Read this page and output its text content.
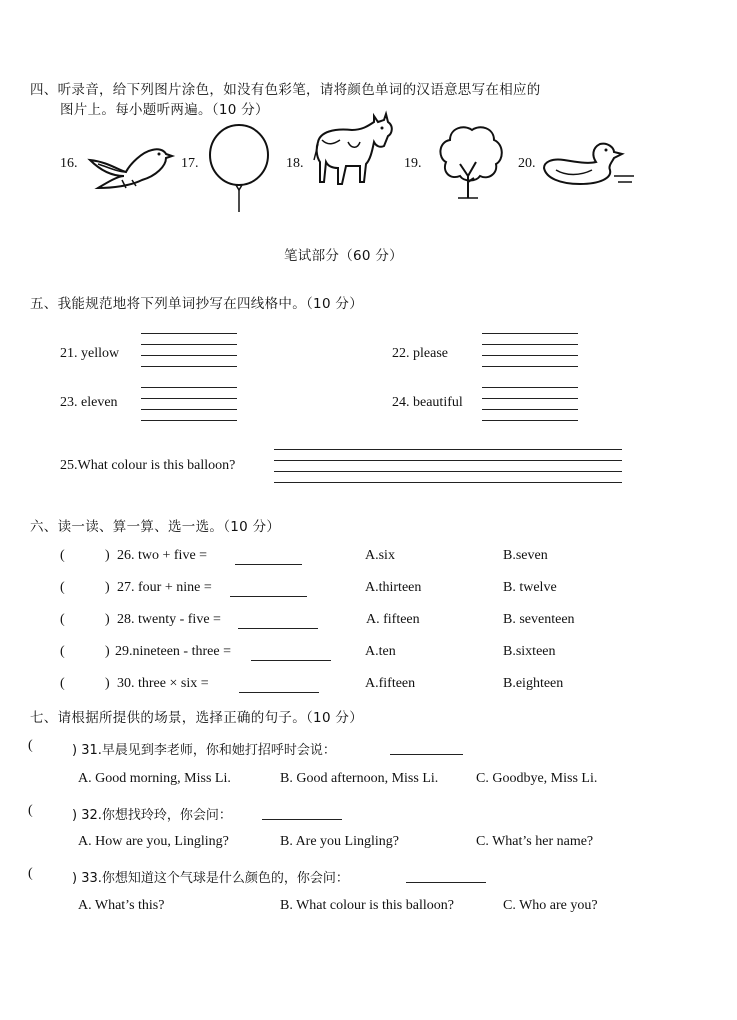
四、听录音，给下列图片涂色，如没有色彩笔，请将颜色单词的汉语意思写在相应的
图片上。每小题听两遍。（10 分）
16.	17.	18.	19.	20.
笔试部分（60 分）
五、我能规范地将下列单词抄写在四线格中。（10 分）
21. yellow	22. please
23. eleven	24. beautiful
25.What colour is this balloon?
六、读一读、算一算、选一选。（10 分）
(	) 26. two + five =	A.six	B.seven
(	) 27. four + nine =	A.thirteen	B. twelve
(	) 28. twenty - five =	A. fifteen	B. seventeen
(	) 29.nineteen - three =	A.ten	B.sixteen
(	) 30. three × six =	A.fifteen	B.eighteen
七、请根据所提供的场景，选择正确的句子。（10 分）
(	) 31.早晨见到李老师，你和她打招呼时会说：
A. Good morning, Miss Li.	B. Good afternoon, Miss Li.	C. Goodbye, Miss Li.
(	) 32.你想找玲玲，你会问：
A. How are you, Lingling?	B. Are you Lingling?	C. What’s her name?
(	) 33.你想知道这个气球是什么颜色的，你会问：
A. What’s this?	B. What colour is this balloon?	C. Who are you?
